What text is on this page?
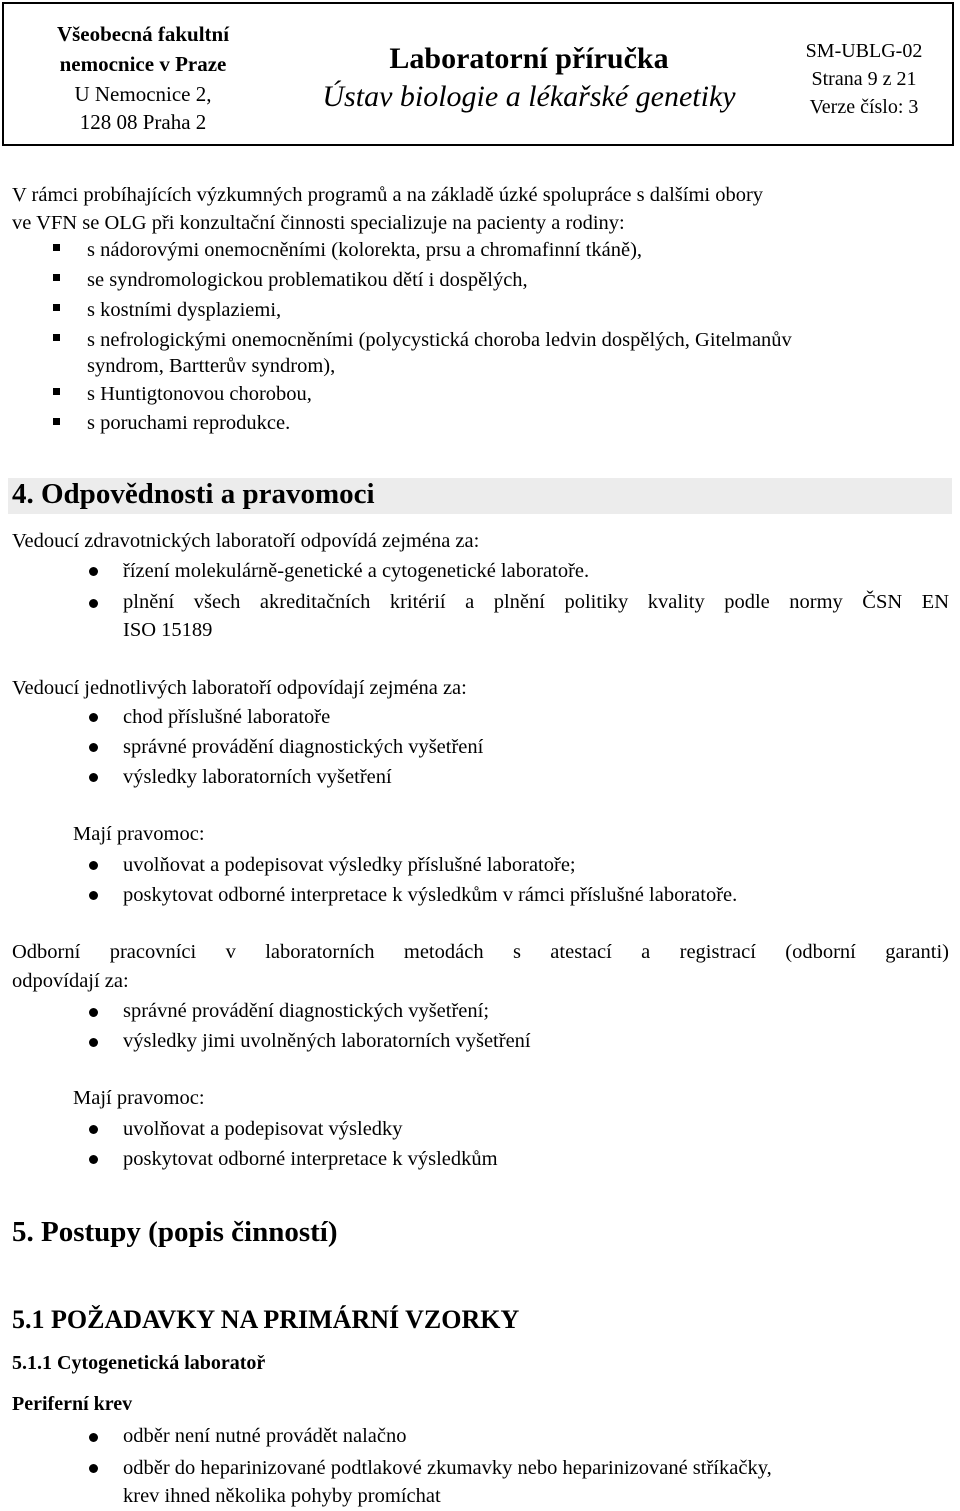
Všeobecná fakultní
nemocnice v Praze
U Nemocnice 2,
128 08 Praha 2
Laboratorní příručka
Ústav biologie a lékařské genetiky
SM-UBLG-02
Strana 9 z 21
Verze číslo: 3
V rámci probíhajících výzkumných programů a na základě úzké spolupráce s dalšími obory
ve VFN se OLG při konzultační činnosti specializuje na pacienty a rodiny:
s nádorovými onemocněními (kolorekta, prsu a chromafinní tkáně),
se syndromologickou problematikou dětí i dospělých,
s kostními dysplaziemi,
s nefrologickými onemocněními (polycystická choroba ledvin dospělých, Gitelmanův
syndrom, Bartterův syndrom),
s Huntigtonovou chorobou,
s poruchami reprodukce.
4. Odpovědnosti a pravomoci
Vedoucí zdravotnických laboratoří odpovídá zejména za:
řízení molekulárně-genetické a cytogenetické laboratoře.
plnění všech akreditačních kritérií a plnění politiky kvality podle normy ČSN EN
ISO 15189
Vedoucí jednotlivých laboratoří odpovídají zejména za:
chod příslušné laboratoře
správné provádění diagnostických vyšetření
výsledky laboratorních vyšetření
Mají pravomoc:
uvolňovat a podepisovat výsledky příslušné laboratoře;
poskytovat odborné interpretace k výsledkům v rámci příslušné laboratoře.
Odborní pracovníci v laboratorních metodách s atestací a registrací (odborní garanti)
odpovídají za:
správné provádění diagnostických vyšetření;
výsledky jimi uvolněných laboratorních vyšetření
Mají pravomoc:
uvolňovat a podepisovat výsledky
poskytovat odborné interpretace k výsledkům
5. Postupy (popis činností)
5.1 POŽADAVKY NA PRIMÁRNÍ VZORKY
5.1.1 Cytogenetická laboratoř
Periferní krev
odběr není nutné provádět nalačno
odběr do heparinizované podtlakové zkumavky nebo heparinizované stříkačky,
krev ihned několika pohyby promíchat
